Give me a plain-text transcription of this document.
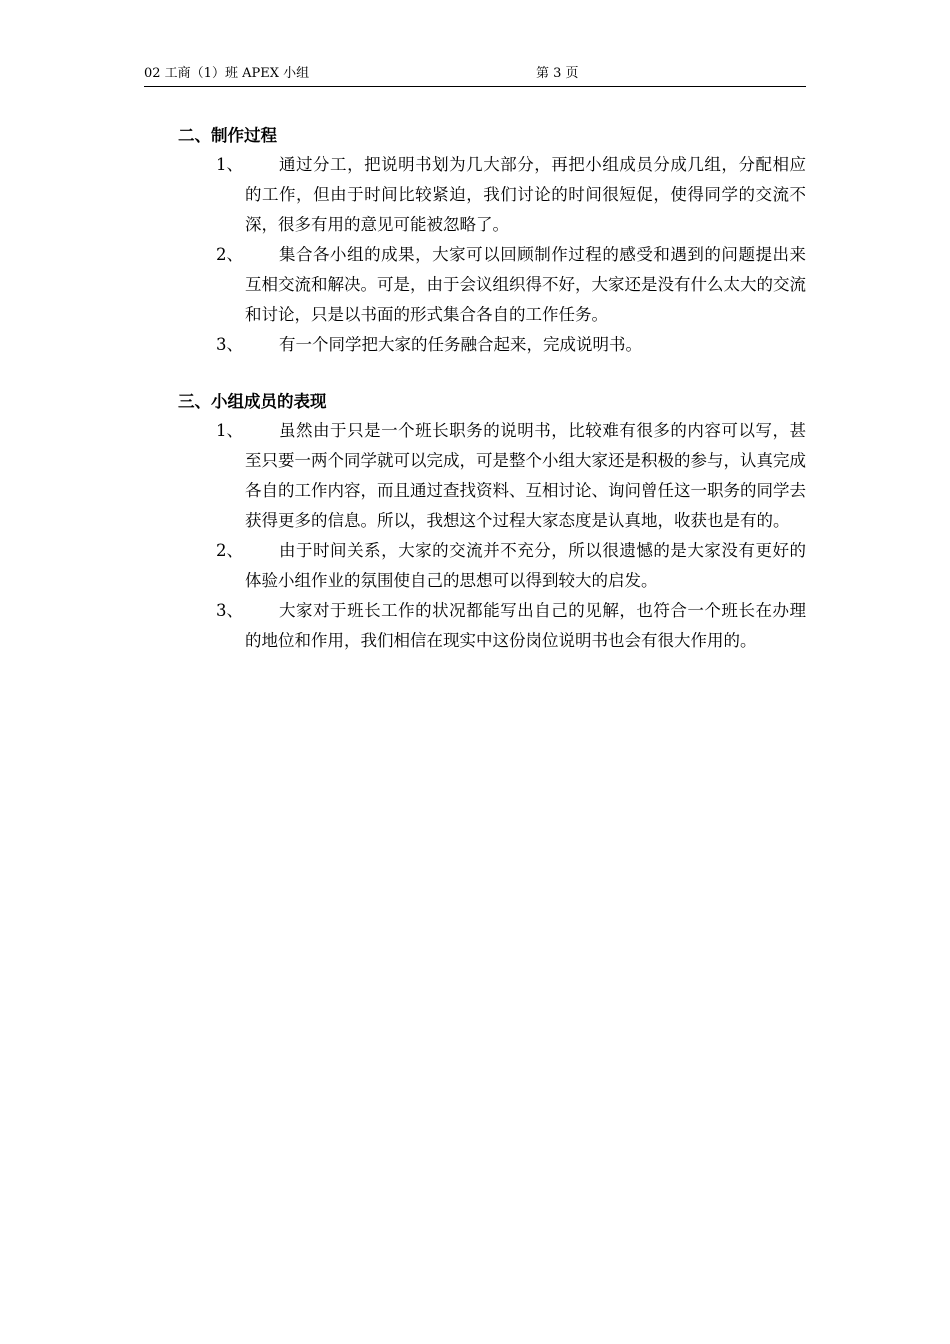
02 工商（1）班 APEX 小组	第 3 页
二、制作过程
1、 通过分工，把说明书划为几大部分，再把小组成员分成几组，分配相应的工作，但由于时间比较紧迫，我们讨论的时间很短促，使得同学的交流不深，很多有用的意见可能被忽略了。
2、 集合各小组的成果，大家可以回顾制作过程的感受和遇到的问题提出来互相交流和解决。可是，由于会议组织得不好，大家还是没有什么太大的交流和讨论，只是以书面的形式集合各自的工作任务。
3、 有一个同学把大家的任务融合起来，完成说明书。
三、小组成员的表现
1、 虽然由于只是一个班长职务的说明书，比较难有很多的内容可以写，甚至只要一两个同学就可以完成，可是整个小组大家还是积极的参与，认真完成各自的工作内容，而且通过查找资料、互相讨论、询问曾任这一职务的同学去获得更多的信息。所以，我想这个过程大家态度是认真地，收获也是有的。
2、 由于时间关系，大家的交流并不充分，所以很遗憾的是大家没有更好的体验小组作业的氛围使自己的思想可以得到较大的启发。
3、 大家对于班长工作的状况都能写出自己的见解，也符合一个班长在办理的地位和作用，我们相信在现实中这份岗位说明书也会有很大作用的。
